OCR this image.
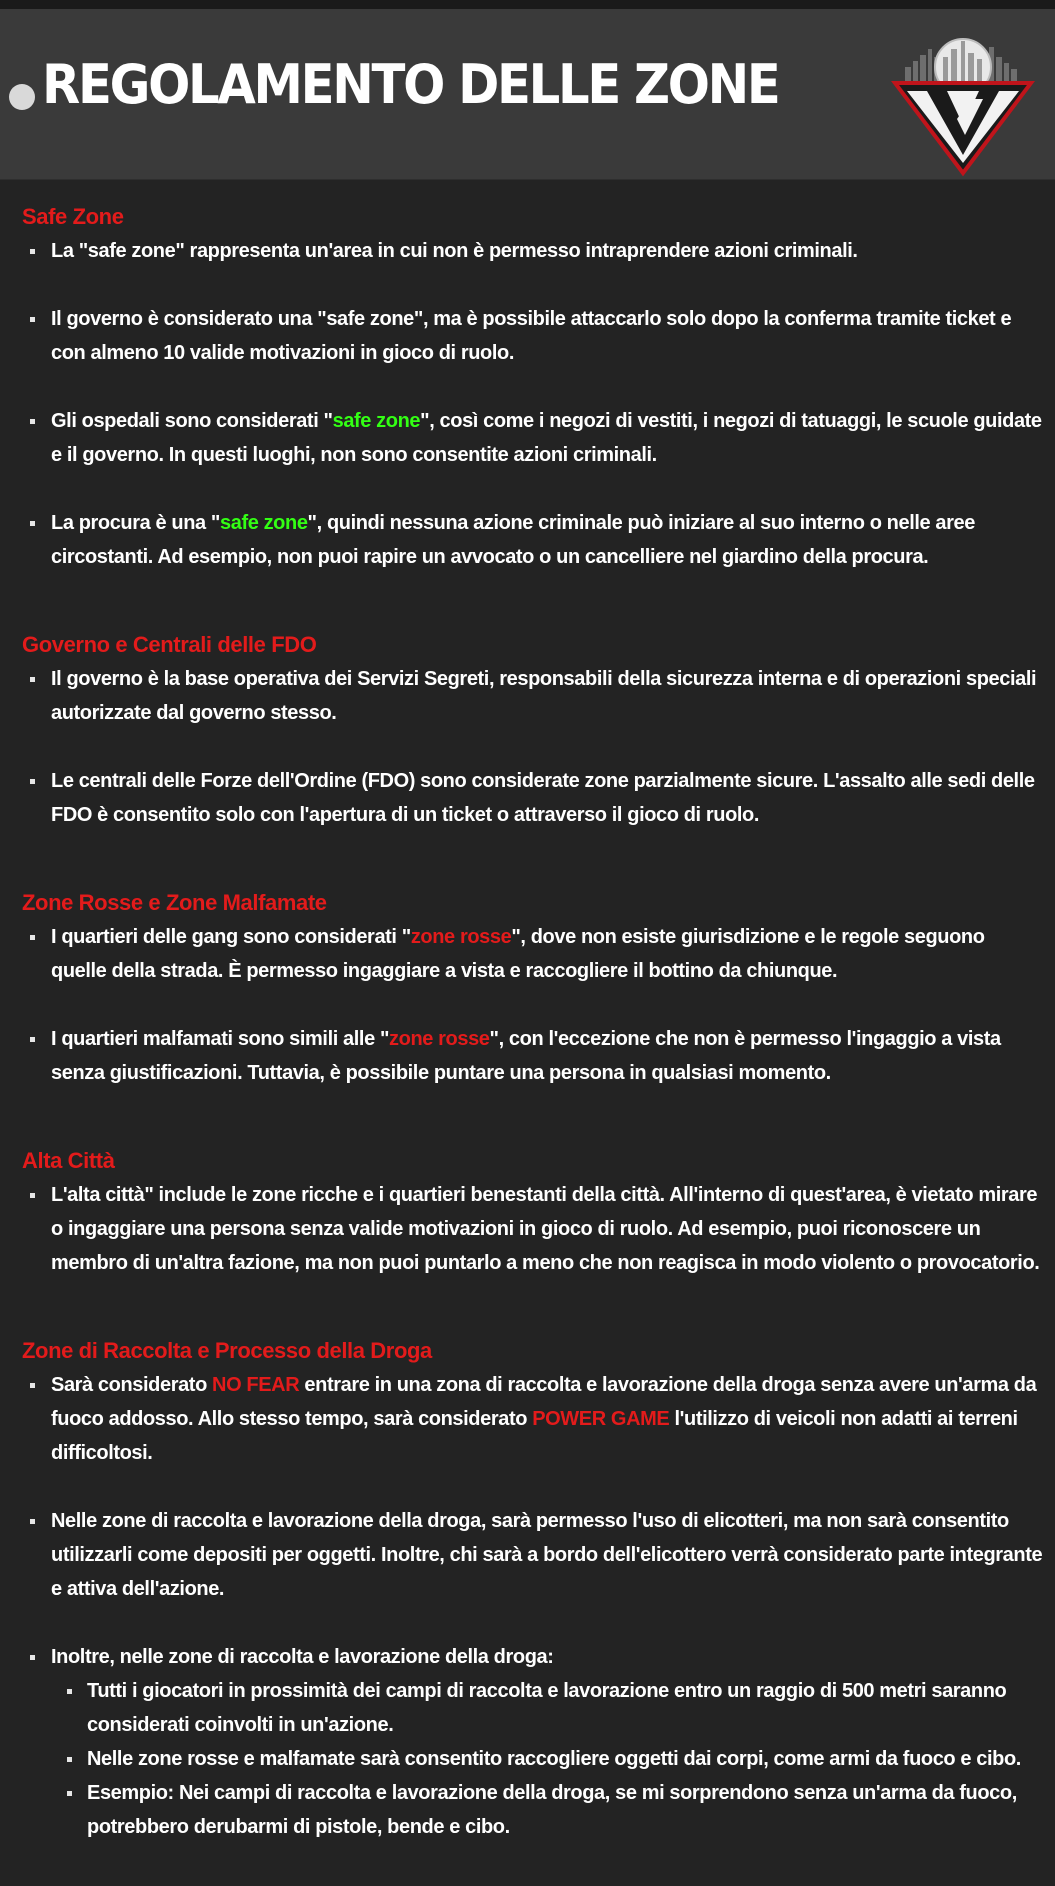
REGOLAMENTO DELLE ZONE
Safe Zone
La "safe zone" rappresenta un'area in cui non è permesso intraprendere azioni criminali.
Il governo è considerato una "safe zone", ma è possibile attaccarlo solo dopo la conferma tramite ticket e con almeno 10 valide motivazioni in gioco di ruolo.
Gli ospedali sono considerati "safe zone", così come i negozi di vestiti, i negozi di tatuaggi, le scuole guidate e il governo. In questi luoghi, non sono consentite azioni criminali.
La procura è una "safe zone", quindi nessuna azione criminale può iniziare al suo interno o nelle aree circostanti. Ad esempio, non puoi rapire un avvocato o un cancelliere nel giardino della procura.
Governo e Centrali delle FDO
Il governo è la base operativa dei Servizi Segreti, responsabili della sicurezza interna e di operazioni speciali autorizzate dal governo stesso.
Le centrali delle Forze dell'Ordine (FDO) sono considerate zone parzialmente sicure. L'assalto alle sedi delle FDO è consentito solo con l'apertura di un ticket o attraverso il gioco di ruolo.
Zone Rosse e Zone Malfamate
I quartieri delle gang sono considerati "zone rosse", dove non esiste giurisdizione e le regole seguono quelle della strada. È permesso ingaggiare a vista e raccogliere il bottino da chiunque.
I quartieri malfamati sono simili alle "zone rosse", con l'eccezione che non è permesso l'ingaggio a vista senza giustificazioni. Tuttavia, è possibile puntare una persona in qualsiasi momento.
Alta Città
L'alta città" include le zone ricche e i quartieri benestanti della città. All'interno di quest'area, è vietato mirare o ingaggiare una persona senza valide motivazioni in gioco di ruolo. Ad esempio, puoi riconoscere un membro di un'altra fazione, ma non puoi puntarlo a meno che non reagisca in modo violento o provocatorio.
Zone di Raccolta e Processo della Droga
Sarà considerato NO FEAR entrare in una zona di raccolta e lavorazione della droga senza avere un'arma da fuoco addosso. Allo stesso tempo, sarà considerato POWER GAME l'utilizzo di veicoli non adatti ai terreni difficoltosi.
Nelle zone di raccolta e lavorazione della droga, sarà permesso l'uso di elicotteri, ma non sarà consentito utilizzarli come depositi per oggetti. Inoltre, chi sarà a bordo dell'elicottero verrà considerato parte integrante e attiva dell'azione.
Inoltre, nelle zone di raccolta e lavorazione della droga:
Tutti i giocatori in prossimità dei campi di raccolta e lavorazione entro un raggio di 500 metri saranno considerati coinvolti in un'azione.
Nelle zone rosse e malfamate sarà consentito raccogliere oggetti dai corpi, come armi da fuoco e cibo.
Esempio: Nei campi di raccolta e lavorazione della droga, se mi sorprendono senza un'arma da fuoco, potrebbero derubarmi di pistole, bende e cibo.
